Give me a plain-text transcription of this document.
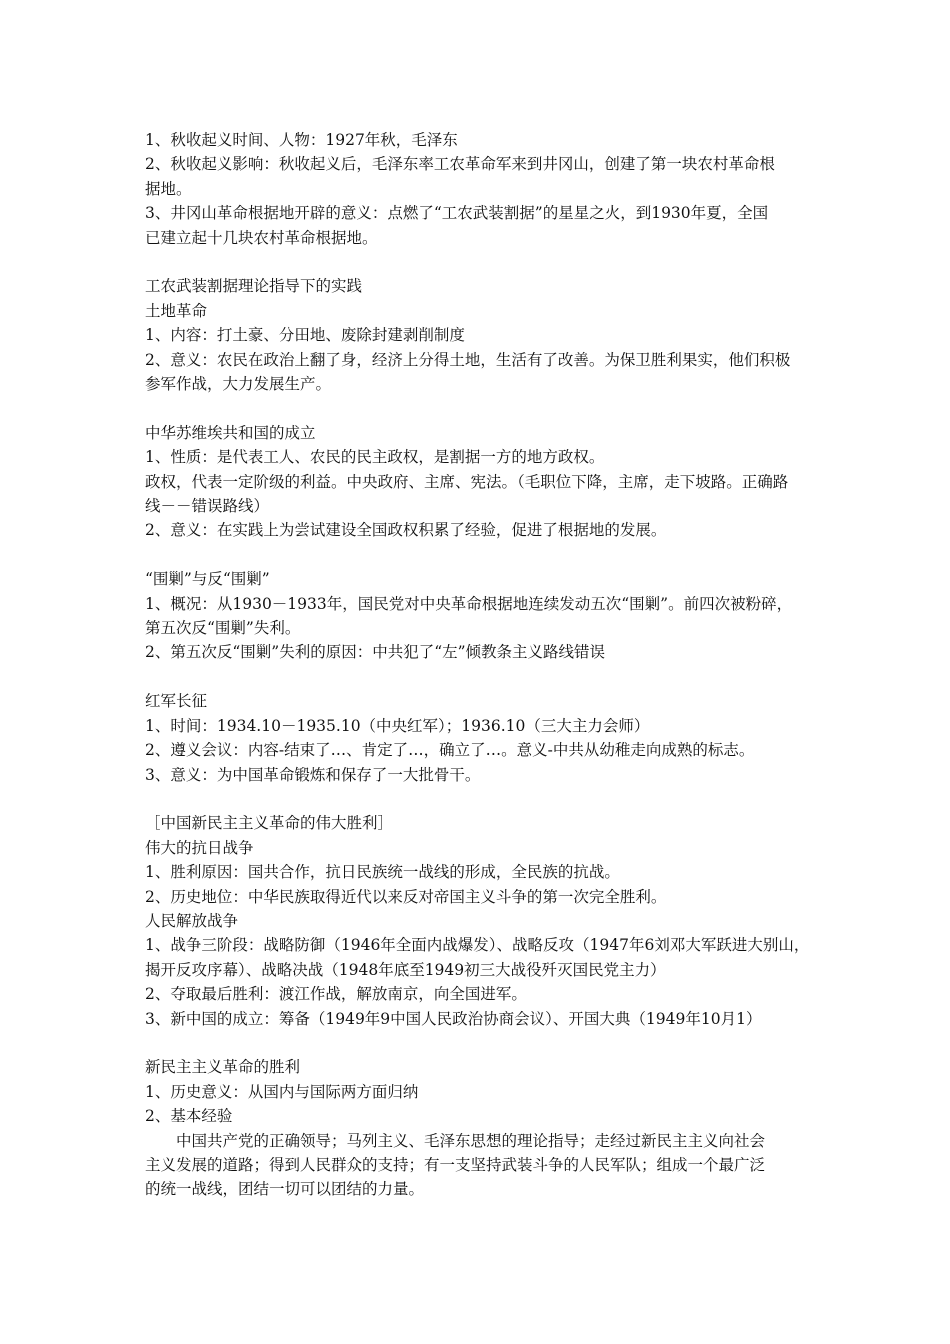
1、秋收起义时间、人物：1927年秋，毛泽东

2、秋收起义影响：秋收起义后，毛泽东率工农革命军来到井冈山，创建了第一块农村革命根

据地。

3、井冈山革命根据地开辟的意义：点燃了“工农武装割据”的星星之火，到1930年夏，全国

已建立起十几块农村革命根据地。

工农武装割据理论指导下的实践

土地革命

1、内容：打土豪、分田地、废除封建剥削制度

2、意义：农民在政治上翻了身，经济上分得土地，生活有了改善。为保卫胜利果实，他们积极

参军作战，大力发展生产。

中华苏维埃共和国的成立

1、性质：是代表工人、农民的民主政权，是割据一方的地方政权。

政权，代表一定阶级的利益。中央政府、主席、宪法。（毛职位下降，主席，走下坡路。正确路

线－－错误路线）

2、意义：在实践上为尝试建设全国政权积累了经验，促进了根据地的发展。

“围剿”与反“围剿”

1、概况：从1930－1933年，国民党对中央革命根据地连续发动五次“围剿”。前四次被粉碎，

第五次反“围剿”失利。

2、第五次反“围剿”失利的原因：中共犯了“左”倾教条主义路线错误

红军长征

1、时间：1934.10－1935.10（中央红军）；1936.10（三大主力会师）

2、遵义会议：内容-结束了…、肯定了…，确立了…。意义-中共从幼稚走向成熟的标志。

3、意义：为中国革命锻炼和保存了一大批骨干。

［中国新民主主义革命的伟大胜利］

伟大的抗日战争

1、胜利原因：国共合作，抗日民族统一战线的形成，全民族的抗战。

2、历史地位：中华民族取得近代以来反对帝国主义斗争的第一次完全胜利。

人民解放战争

1、战争三阶段：战略防御（1946年全面内战爆发）、战略反攻（1947年6刘邓大军跃进大别山，

揭开反攻序幕）、战略决战（1948年底至1949初三大战役歼灭国民党主力）

2、夺取最后胜利：渡江作战，解放南京，向全国进军。

3、新中国的成立：筹备（1949年9中国人民政治协商会议）、开国大典（1949年10月1）

新民主主义革命的胜利

1、历史意义：从国内与国际两方面归纳

2、基本经验

中国共产党的正确领导；马列主义、毛泽东思想的理论指导；走经过新民主主义向社会

主义发展的道路；得到人民群众的支持；有一支坚持武装斗争的人民军队；组成一个最广泛

的统一战线，团结一切可以团结的力量。
